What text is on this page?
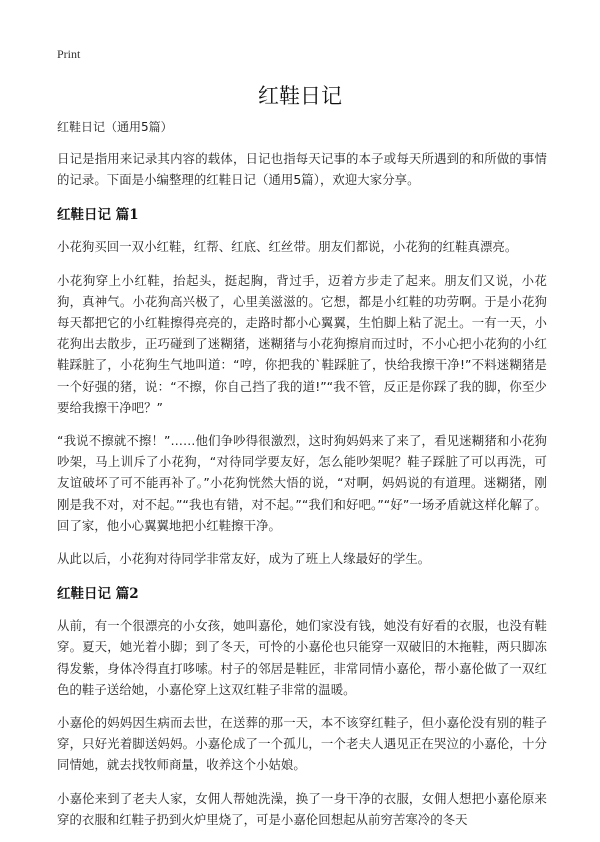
Print
红鞋日记

红鞋日记（通用5篇）

日记是指用来记录其内容的载体，日记也指每天记事的本子或每天所遇到的和所做的事情的记录。下面是小编整理的红鞋日记（通用5篇），欢迎大家分享。

红鞋日记 篇1

小花狗买回一双小红鞋，红帮、红底、红丝带。朋友们都说，小花狗的红鞋真漂亮。

小花狗穿上小红鞋，抬起头，挺起胸，背过手，迈着方步走了起来。朋友们又说，小花狗，真神气。小花狗高兴极了，心里美滋滋的。它想，都是小红鞋的功劳啊。于是小花狗每天都把它的小红鞋擦得亮亮的，走路时都小心翼翼，生怕脚上粘了泥土。一有一天，小花狗出去散步，正巧碰到了迷糊猪，迷糊猪与小花狗擦肩而过时，不小心把小花狗的小红鞋踩脏了，小花狗生气地叫道：“哼，你把我的`鞋踩脏了，快给我擦干净!”不料迷糊猪是一个好强的猪，说：“不擦，你自己挡了我的道!”“我不管，反正是你踩了我的脚，你至少要给我擦干净吧？”

“我说不擦就不擦！”……他们争吵得很激烈，这时狗妈妈来了来了，看见迷糊猪和小花狗吵架，马上训斥了小花狗，“对待同学要友好，怎么能吵架呢？鞋子踩脏了可以再洗，可友谊破坏了可不能再补了。”小花狗恍然大悟的说，“对啊，妈妈说的有道理。迷糊猪，刚刚是我不对，对不起。”“我也有错，对不起。”“我们和好吧。”“好”一场矛盾就这样化解了。回了家，他小心翼翼地把小红鞋擦干净。

从此以后，小花狗对待同学非常友好，成为了班上人缘最好的学生。

红鞋日记 篇2

从前，有一个很漂亮的小女孩，她叫嘉伦，她们家没有钱，她没有好看的衣服，也没有鞋穿。夏天，她光着小脚；到了冬天，可怜的小嘉伦也只能穿一双破旧的木拖鞋，两只脚冻得发紫，身体冷得直打哆嗦。村子的邻居是鞋匠，非常同情小嘉伦，帮小嘉伦做了一双红色的鞋子送给她，小嘉伦穿上这双红鞋子非常的温暖。

小嘉伦的妈妈因生病而去世，在送葬的那一天，本不该穿红鞋子，但小嘉伦没有别的鞋子穿，只好光着脚送妈妈。小嘉伦成了一个孤儿，一个老夫人遇见正在哭泣的小嘉伦，十分同情她，就去找牧师商量，收养这个小姑娘。

小嘉伦来到了老夫人家，女佣人帮她洗澡，换了一身干净的衣服，女佣人想把小嘉伦原来穿的衣服和红鞋子扔到火炉里烧了，可是小嘉伦回想起从前穷苦寒冷的冬天
